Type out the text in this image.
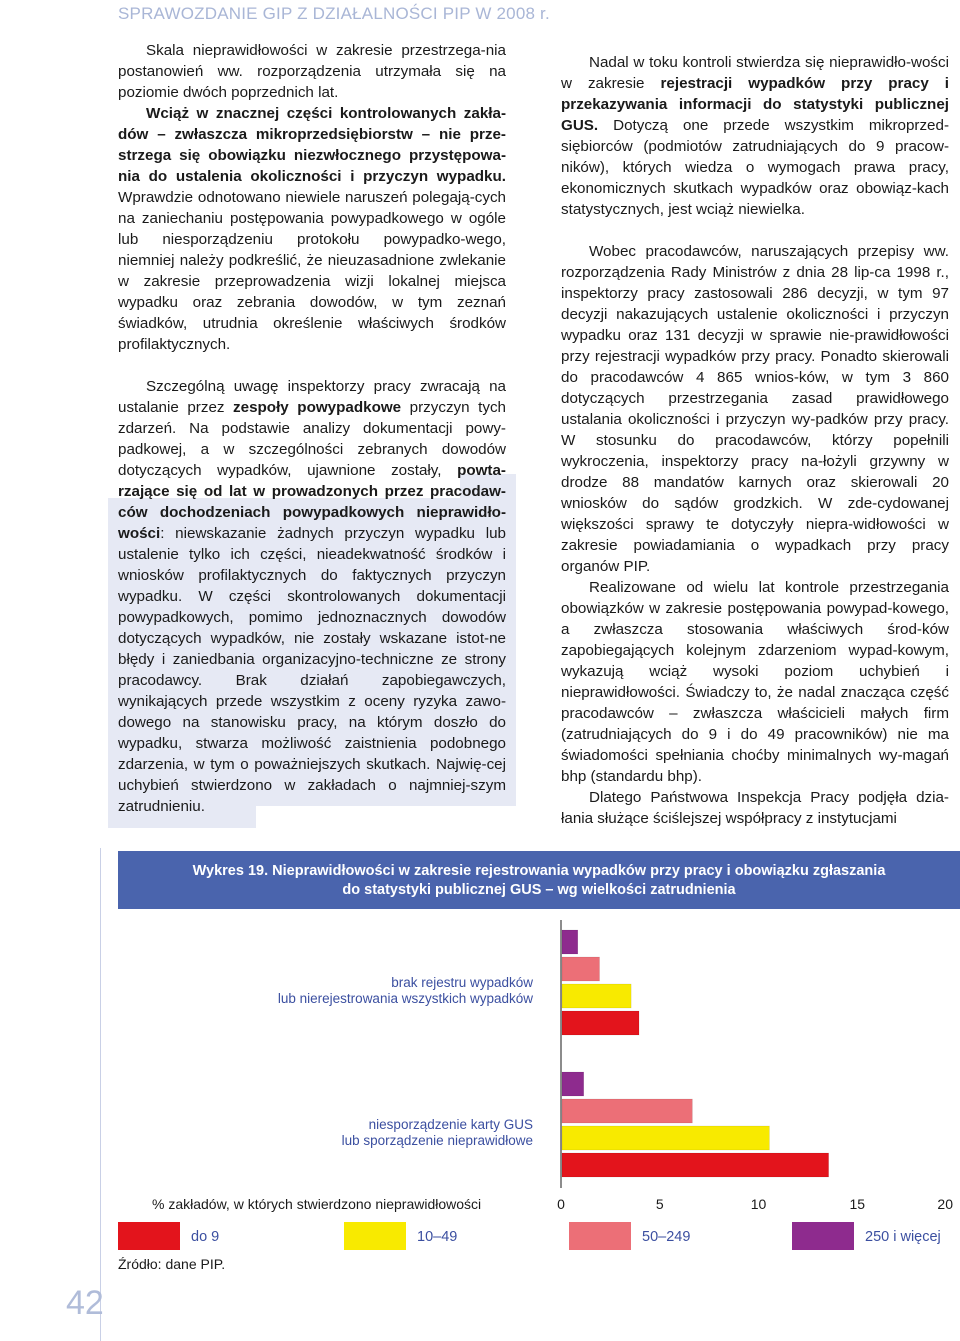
SPRAWOZDANIE GIP Z DZIAŁALNOŚCI PIP W 2008 r.

Skala nieprawidłowości w zakresie przestrzega-nia postanowień ww. rozporządzenia utrzymała się na poziomie dwóch poprzednich lat.

Wciąż w znacznej części kontrolowanych zakła-dów – zwłaszcza mikroprzedsiębiorstw – nie prze-strzega się obowiązku niezwłocznego przystępowa-nia do ustalenia okoliczności i przyczyn wypadku. Wprawdzie odnotowano niewiele naruszeń polegają-cych na zaniechaniu postępowania powypadkowego w ogóle lub niesporządzeniu protokołu powypadko-wego, niemniej należy podkreślić, że nieuzasadnione zwlekanie w zakresie przeprowadzenia wizji lokalnej miejsca wypadku oraz zebrania dowodów, w tym zeznań świadków, utrudnia określenie właściwych środków profilaktycznych.

Szczególną uwagę inspektorzy pracy zwracają na ustalanie przez zespoły powypadkowe przyczyn tych zdarzeń. Na podstawie analizy dokumentacji powy-padkowej, a w szczególności zebranych dowodów dotyczących wypadków, ujawnione zostały, powta-rzające się od lat w prowadzonych przez pracodaw-ców dochodzeniach powypadkowych nieprawidło-wości: niewskazanie żadnych przyczyn wypadku lub ustalenie tylko ich części, nieadekwatność środków i wniosków profilaktycznych do faktycznych przyczyn wypadku. W części skontrolowanych dokumentacji powypadkowych, pomimo jednoznacznych dowodów dotyczących wypadków, nie zostały wskazane istot-ne błędy i zaniedbania organizacyjno-techniczne ze strony pracodawcy. Brak działań zapobiegawczych, wynikających przede wszystkim z oceny ryzyka zawo-dowego na stanowisku pracy, na którym doszło do wypadku, stwarza możliwość zaistnienia podobnego zdarzenia, w tym o poważniejszych skutkach. Najwię-cej uchybień stwierdzono w zakładach o najmniej-szym zatrudnieniu.

Nadal w toku kontroli stwierdza się nieprawidło-wości w zakresie rejestracji wypadków przy pracy i przekazywania informacji do statystyki publicznej GUS. Dotyczą one przede wszystkim mikroprzed-siębiorców (podmiotów zatrudniających do 9 pracow-ników), których wiedza o wymogach prawa pracy, ekonomicznych skutkach wypadków oraz obowiąz-kach statystycznych, jest wciąż niewielka.

Wobec pracodawców, naruszających przepisy ww. rozporządzenia Rady Ministrów z dnia 28 lip-ca 1998 r., inspektorzy pracy zastosowali 286 decyzji, w tym 97 decyzji nakazujących ustalenie okoliczności i przyczyn wypadku oraz 131 decyzji w sprawie nie-prawidłowości przy rejestracji wypadków przy pracy. Ponadto skierowali do pracodawców 4 865 wnios-ków, w tym 3 860 dotyczących przestrzegania zasad prawidłowego ustalania okoliczności i przyczyn wy-padków przy pracy. W stosunku do pracodawców, którzy popełnili wykroczenia, inspektorzy pracy na-łożyli grzywny w drodze 88 mandatów karnych oraz skierowali 20 wniosków do sądów grodzkich. W zde-cydowanej większości sprawy te dotyczyły niepra-widłowości w zakresie powiadamiania o wypadkach przy pracy organów PIP.

Realizowane od wielu lat kontrole przestrzegania obowiązków w zakresie postępowania powypad-kowego, a zwłaszcza stosowania właściwych środ-ków zapobiegających kolejnym zdarzeniom wypad-kowym, wykazują wciąż wysoki poziom uchybień i nieprawidłowości. Świadczy to, że nadal znacząca część pracodawców – zwłaszcza właścicieli małych firm (zatrudniających do 9 i do 49 pracowników) nie ma świadomości spełniania choćby minimalnych wy-magań bhp (standardu bhp).

Dlatego Państwowa Inspekcja Pracy podjęła dzia-łania służące ściślejszej współpracy z instytucjami

42
Wykres 19. Nieprawidłowości w zakresie rejestrowania wypadków przy pracy i obowiązku zgłaszania
do statystyki publicznej GUS – wg wielkości zatrudnienia
brak rejestru wypadków
lub nierejestrowania wszystkich wypadków
niesporządzenie karty GUS
lub sporządzenie nieprawidłowe
0	5	10	15	20
% zakładów, w których stwierdzono nieprawidłowości
do 9	10–49	50–249	250 i więcej
Źródło: dane PIP.
